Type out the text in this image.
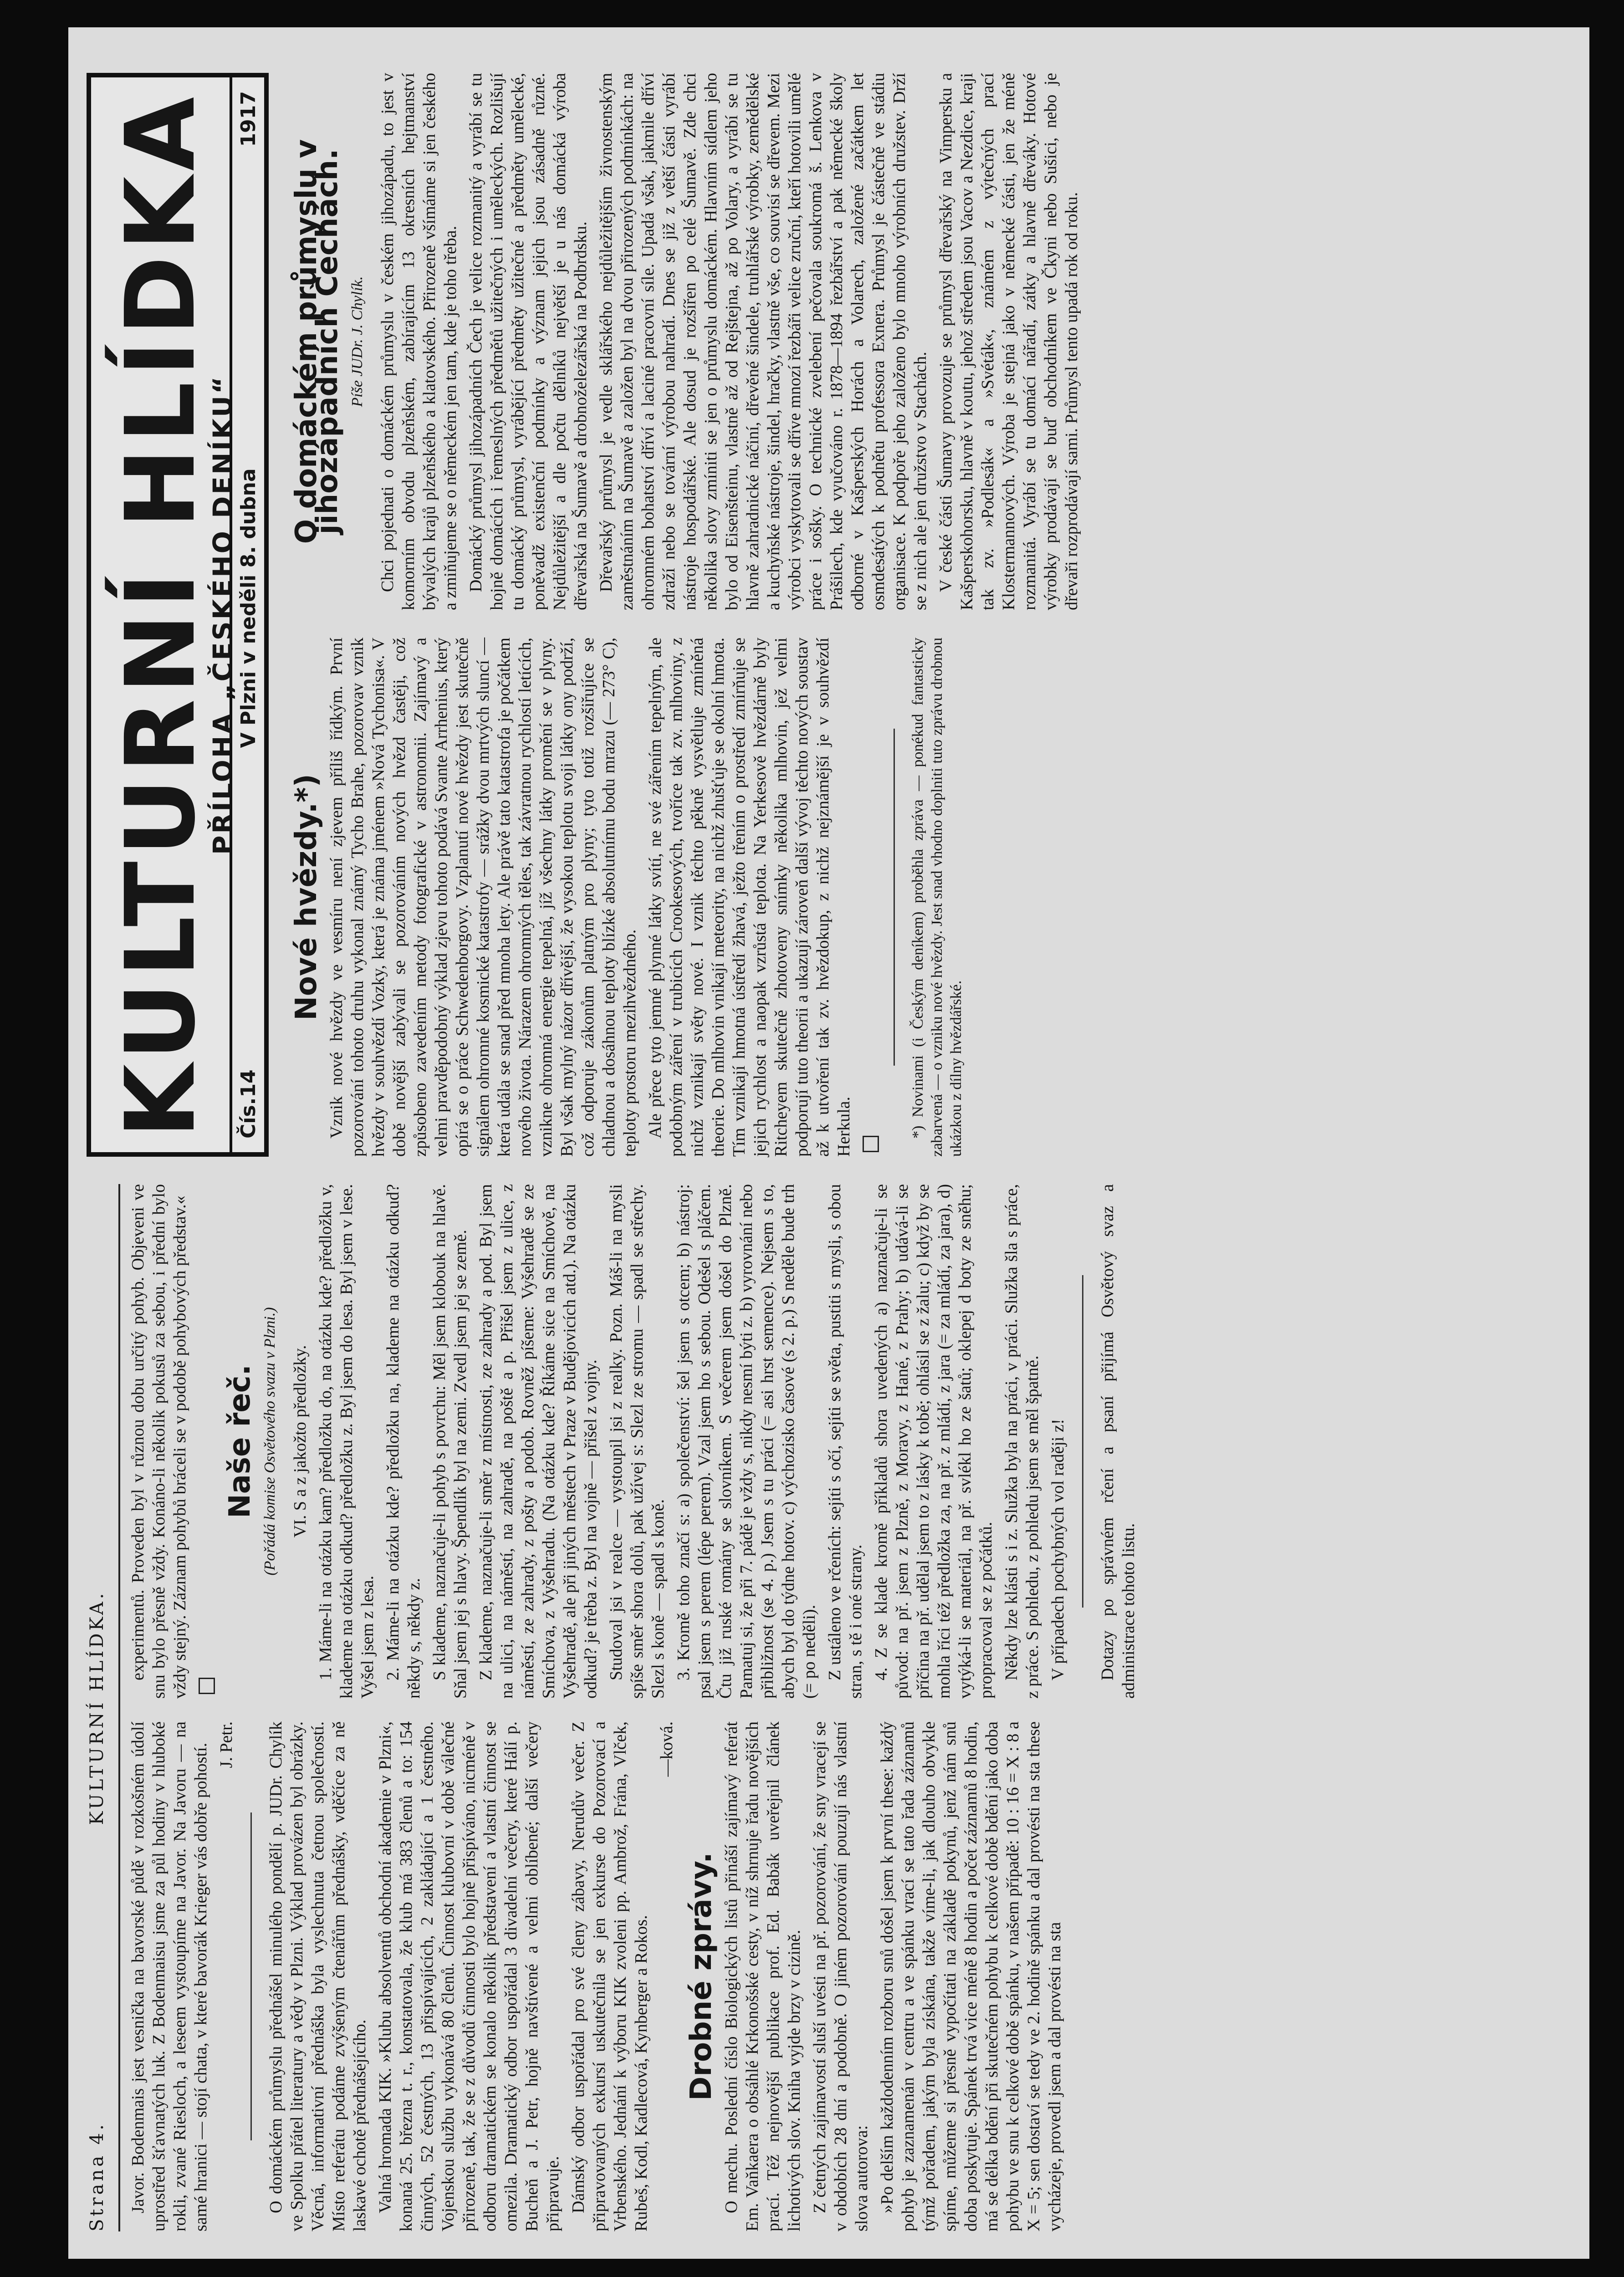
Strana 4.
KULTURNÍ HLÍDKA.

Javor. Bodenmais jest vesnička na bavorské půdě v rozkošném údolí uprostřed šťavnatých luk. Z Bodenmaisu jsme za půl hodiny v hluboké rokli, zvané Riesloch, a leseem vystoupíme na Javor. Na Javoru — na samé hranici — stojí chata, v které bavorák Krieger vás dobře pohostí. J. Petr. O domáckém průmyslu přednášel minulého pondělí p. JUDr. Chylík ve Spolku přátel literatury a vědy v Plzni. Výklad provázen byl obrázky. Věcná, informativní přednáška byla vyslechnuta četnou společností. Místo referátu podáme zvýšeným čtenářům přednášky, vděčíce za ně laskavé ochotě přednášejícího. Valná hromada KIK. »Klubu absolventů obchodní akademie v Plzni«, konaná 25. března t. r., konstatovala, že klub má 383 členů a to: 154 činných, 52 čestných, 13 přispívajících, 2 zakládající a 1 čestného. Vojenskou službu vykonává 80 členů. Činnost klubovní v době válečné přirozeně, tak, že se z důvodů činnosti bylo hojně přispíváno, nicméně v odboru dramatickém se konalo několik představení a vlastní činnost se omezila. Dramatický odbor uspořádal 3 divadelní večery, které Hálí p. Bucheň a J. Petr, hojně navštívené a velmi oblíbené; další večery připravuje. Dámský odbor uspořádal pro své členy zábavy, Nerudův večer. Z připravovaných exkursí uskutečnila se jen exkurse do Pozorovací a Vrbenského. Jednání k výboru KIK zvoleni pp. Ambrož, Frána, Vlček, Rubeš, Kodl, Kadlecová, Kynberger a Rokos.

—ková.

Drobné zprávy. O mechu. Poslední číslo Biologických listů přináší zajímavý referát Em. Vaňkaera o obsáhlé Krkonošské cesty, v níž shrnuje řadu novějších prací. Též nejnovější publikace prof. Ed. Babák uveřejnil článek lichotivých slov. Kniha vyjde brzy v cizině. Z četných zajímavostí sluší uvésti na př. pozorování, že sny vracejí se v obdobích 28 dní a podobně. O jiném pozorování pouzují nás vlastní slova autorova: »Po delším každodenním rozboru snů došel jsem k první these: každý pohyb je zaznamenán v centru a ve spánku vrací se tato řada záznamů týmž pořadem, jakým byla získána, takže víme-li, jak dlouho obvykle spíme, můžeme si přesně vypočítati na základě pokynů, jenž nám snů doba poskytuje. Spánek trvá vice méně 8 hodin a počet záznamů 8 hodin, má se délka bdění při skutečném pohybu k celkové době bdění jako doba pohybu ve snu k celkové době spánku, v našem případě: 10 : 16 = X : 8 a X = 5; sen dostaví se tedy ve 2. hodině spánku a dal provésti na sta these vycházeje, provedl jsem a dal provésti na sta

experimentů. Proveden byl v různou dobu určitý pohyb. Objeveni ve snu bylo přesně vždy. Konáno-li několik pokusů za sebou, i přední bylo vždy stejný. Záznam pohybů bráceli se v podobě pohybových představ.« Naše řeč. (Pořádá komise Osvětového svazu v Plzni.) VI. S a z jakožto předložky. 1. Máme-li na otázku kam? předložku do, na otázku kde? předložku v, klademe na otázku odkud? předložku z. Byl jsem do lesa. Byl jsem v lese. Vyšel jsem z lesa. 2. Máme-li na otázku kde? předložku na, klademe na otázku odkud? někdy s, někdy z. S klademe, naznačuje-li pohyb s povrchu: Měl jsem klobouk na hlavě. Sňal jsem jej s hlavy. Špendlík byl na zemi. Zvedl jsem jej se země. Z klademe, naznačuje-li směr z místnosti, ze zahrady a pod. Byl jsem na ulici, na náměstí, na zahradě, na poště a p. Přišel jsem z ulice, z náměstí, ze zahrady, z pošty a podob. Rovněž píšeme: Vyšehradě se ze Smíchova, z Vyšehradu. (Na otázku kde? Říkáme sice na Smíchově, na Vyšehradě, ale při jiných městech v Praze v Budějovicích atd.). Na otázku odkud? je třeba z. Byl na vojně — přišel z vojny. Studoval jsi v realce — vystoupil jsi z realky. Pozn. Máš-li na mysli spíše směr shora dolů, pak užívej s: Slezl ze stromu — spadl se střechy. Slezl s koně — spadl s koně. 3. Kromě toho značí s: a) společenství: šel jsem s otcem; b) nástroj: psal jsem s perem (lépe perem). Vzal jsem ho s sebou. Odešel s pláčem. Čtu již ruské romány se slovníkem. S večerem jsem došel do Plzně. Pamatuj si, že při 7. pádě je vždy s, nikdy nesmí býti z. b) vyrovnání nebo přibližnost (se 4. p.) Jsem s tu práci (= asi hrst semence). Nejsem s to, abych byl do týdne hotov. c) výchozisko časové (s 2. p.) S neděle bude trh (= po neděli). Z ustáleno ve rčeních: sejíti s očí, sejíti se světa, pustiti s mysli, s obou stran, s tě i oné strany. 4. Z se klade kromě příkladů shora uvedených a) naznačuje-li se původ: na př. jsem z Plzně, z Moravy, z Hané, z Prahy; b) udává-li se příčina na př. udělal jsem to z lásky k tobě; ohlásil se z žalu; c) když by se mohla říci též předložka za, na př. z mládí, z jara (= za mládí, za jara), d) vytýká-li se materiál, na př. svlékl ho ze šatů; oklepej d boty ze sněhu; propracoval se z počátků. Někdy lze klásti s i z. Služka byla na práci, v práci. Služka šla s práce, z práce. S pohledu, z pohledu jsem se měl špatně. V případech pochybných vol raději z! Dotazy po správném rčení a psaní přijímá Osvětový svaz a administrace tohoto listu.

KULTURNÍ HLÍDKA
PŘÍLOHA „ČESKÉHO DENÍKU“
Čís.14
V Plzni v neděli 8. dubna
1917
Nové hvězdy.*) Vznik nové hvězdy ve vesmíru není zjevem příliš řídkým. První pozorování tohoto druhu vykonal známý Tycho Brahe, pozorovav vznik hvězdy v souhvězdí Vozky, která je známa jménem »Nová Tychonisa«. V době novější zabývali se pozorováním nových hvězd častěji, což způsobeno zavedením metody fotografické v astronomii. Zajímavý a velmi pravděpodobný výklad zjevu tohoto podává Svante Arrhenius, který opírá se o práce Schwedenborgovy. Vzplanutí nové hvězdy jest skutečně signálem ohromné kosmické katastrofy — srážky dvou mrtvých sluncí — která udála se snad před mnoha lety. Ale právě tato katastrofa je počátkem nového života. Nárazem ohromných těles, tak závratnou rychlostí letících, vznikne ohromná energie tepelná, jíž všechny látky promění se v plyny. Byl však mylný názor dřívější, že vysokou teplotu svoji látky ony podrží, což odporuje zákonům platným pro plyny; tyto totiž rozšiřujíce se chladnou a dosáhnou teploty blízké absolutnímu bodu mrazu (— 273° C), teploty prostoru mezihvězdného. Ale přece tyto jemné plynné látky svítí, ne své zářením tepelným, ale podobným záření v trubicích Crookesových, tvoříce tak zv. mlhoviny, z nichž vznikají světy nové. I vznik těchto pěkně vysvětluje zmíněná theorie. Do mlhovin vnikají meteority, na nichž zhušťuje se okolní hmota. Tím vznikají hmotná ústředí žhavá, ježto třením o prostředí zmírňuje se jejich rychlost a naopak vzrůstá teplota. Na Yerkesově hvězdárně byly Ritcheyem skutečně zhotoveny snímky několika mlhovin, jež velmi podporují tuto theorii a ukazují zároveň další vývoj těchto nových soustav až k utvoření tak zv. hvězdokup, z nichž nejznámější je v souhvězdí Herkula.	*) Novinami (i Českým deníkem) proběhla zpráva — ponékud fantasticky zabarvená — o vzniku nové hvězdy. Jest snad vhodno doplniti tuto zprávu drobnou ukázkou z dílny hvězdářské.

O domáckém průmyslu v jihozápadních Čechách. Píše JUDr. J. Chylík. Chci pojednati o domáckém průmyslu v českém jihozápadu, to jest v komorním obvodu plzeňském, zabírajícím 13 okresních hejtmanství bývalých krajů plzeňského a klatovského. Přirozeně všímáme si jen českého a zmiňujeme se o německém jen tam, kde je toho třeba. Domácký průmysl jihozápadních Čech je velice rozmanitý a vyrábí se tu hojně domácích i řemeslných předmětů užitečných i uměleckých. Rozlišují tu domácký průmysl, vyrábějící předměty užitečné a předměty umělecké, poněvadž existenční podmínky a význam jejich jsou zásadně různé. Nejdůležitější a dle počtu dělníků největší je u nás domácká výroba dřevařská na Šumavě a drobnoželezářská na Podbrdsku. Dřevařský průmysl je vedle sklářského nejdůležitějším živnostenským zaměstnáním na Šumavě a založen byl na dvou přirozených podmínkách: na ohromném bohatství dříví a laciné pracovní síle. Upadá však, jakmile dříví zdraží nebo se tovární výrobou nahradí. Dnes se již z větší části vyrábí nástroje hospodářské. Ale dosud je rozšířen po celé Šumavě. Zde chci několika slovy zmíniti se jen o průmyslu domáckém. Hlavním sídlem jeho bylo od Eisenšteinu, vlastně až od Rejštejna, až po Volary, a vyrábí se tu hlavně zahradnické náčiní, dřevěné šindele, truhlářské výrobky, zemědělské a kuchyňské nástroje, šindel, hračky, vlastně vše, co souvisí se dřevem. Mezi výrobci vyskytovali se dříve mnozí řezbáři velice zruční, kteří hotovili umělé práce i sošky. O technické zvelebení pečovala soukromá š. Lenkova v Prášilech, kde vyučováno r. 1878—1894 řezbářství a pak německé školy odborné v Kašperských Horách a Volarech, založené začátkem let osmdesátých k podnětu professora Exnera. Průmysl je částečně ve stádiu organisace. K podpoře jeho založeno bylo mnoho výrobních družstev. Drží se z nich ale jen družstvo v Stachách. V české části Šumavy provozuje se průmysl dřevařský na Vimpersku a Kašperskohorsku, hlavně v koutu, jehož středem jsou Vacov a Nezdice, kraji tak zv. »Podlesák« a »Svéták«, známém z výtečných prací Klostermannových. Výroba je stejná jako v německé části, jen že méně rozmanitá. Vyrábí se tu domácí nářadí, zátky a hlavně dřeváky. Hotové výrobky prodávají se buď obchodníkem ve Čkyni nebo Sušici, nebo je dřevaři rozprodávají sami. Průmysl tento upadá rok od roku.
